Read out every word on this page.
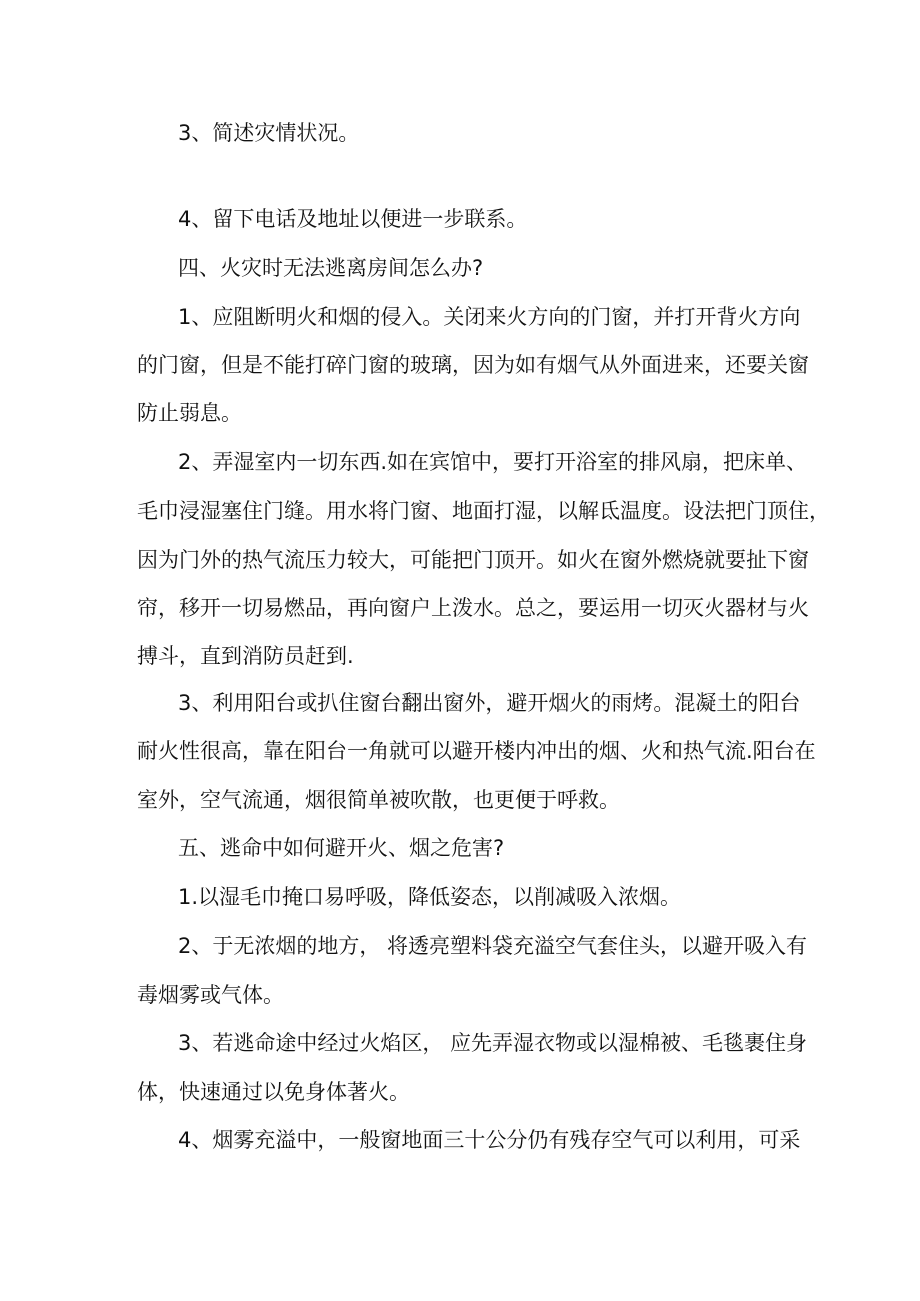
3、简述灾情状况。

4、留下电话及地址以便进一步联系。

四、火灾时无法逃离房间怎么办?

1、应阻断明火和烟的侵入。关闭来火方向的门窗，并打开背火方向

的门窗，但是不能打碎门窗的玻璃，因为如有烟气从外面进来，还要关窗

防止弱息。

2、弄湿室内一切东西.如在宾馆中，要打开浴室的排风扇，把床单、

毛巾浸湿塞住门缝。用水将门窗、地面打湿，以解氐温度。设法把门顶住，

因为门外的热气流压力较大，可能把门顶开。如火在窗外燃烧就要扯下窗

帘，移开一切易燃品，再向窗户上泼水。总之，要运用一切灭火器材与火

搏斗，直到消防员赶到.

3、利用阳台或扒住窗台翻出窗外，避开烟火的雨烤。混凝土的阳台

耐火性很高，靠在阳台一角就可以避开楼内冲出的烟、火和热气流.阳台在

室外，空气流通，烟很简单被吹散，也更便于呼救。

五、逃命中如何避开火、烟之危害?

1.以湿毛巾掩口易呼吸，降低姿态，以削减吸入浓烟。

2、于无浓烟的地方， 将透亮塑料袋充溢空气套住头，以避开吸入有

毒烟雾或气体。

3、若逃命途中经过火焰区， 应先弄湿衣物或以湿棉被、毛毯裹住身

体，快速通过以免身体著火。

4、烟雾充溢中，一般窗地面三十公分仍有残存空气可以利用，可采
